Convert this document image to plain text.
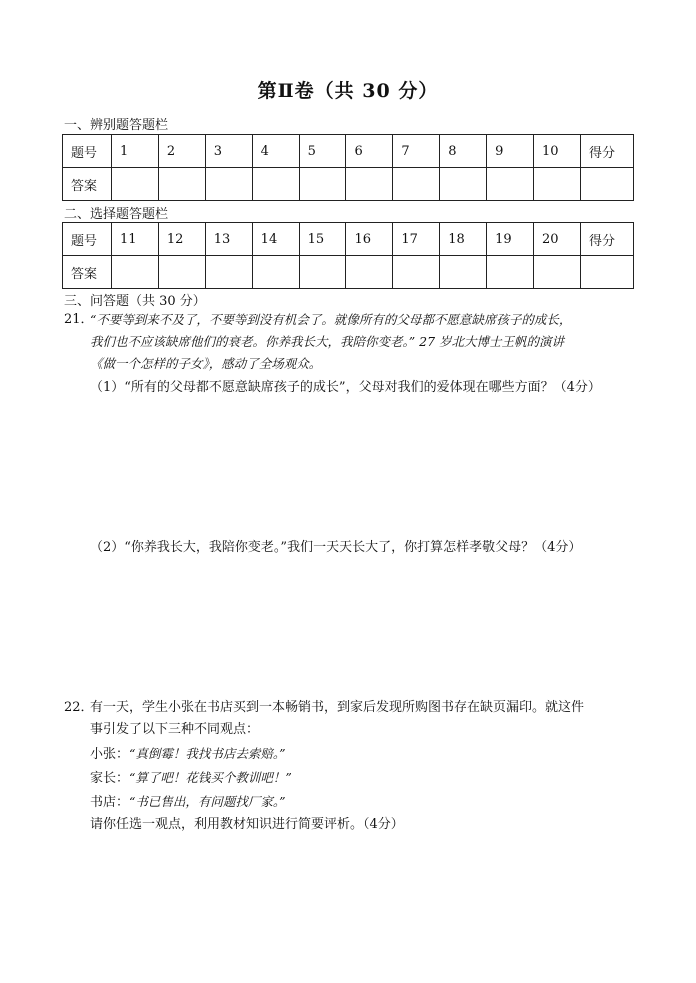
第Ⅱ卷（共 30 分）
一、辨别题答题栏
题号	1	2	3	4	5	6	7	8	9	10	得分
答案											
二、选择题答题栏
题号	11	12	13	14	15	16	17	18	19	20	得分
答案											
三、问答题（共 30 分）
21．
“不要等到来不及了，不要等到没有机会了。就像所有的父母都不愿意缺席孩子的成长，
我们也不应该缺席他们的衰老。你养我长大，我陪你变老。” 27 岁北大博士王帆的演讲
《做一个怎样的子女》，感动了全场观众。
（1）“所有的父母都不愿意缺席孩子的成长”，父母对我们的爱体现在哪些方面？（4分）
（2）“你养我长大，我陪你变老。”我们一天天长大了，你打算怎样孝敬父母？（4分）
22．
有一天，学生小张在书店买到一本畅销书，到家后发现所购图书存在缺页漏印。就这件
事引发了以下三种不同观点：
小张：“真倒霉！我找书店去索赔。”
家长：“算了吧！花钱买个教训吧！”
书店：“书已售出，有问题找厂家。”
请你任选一观点，利用教材知识进行简要评析。（4分）
